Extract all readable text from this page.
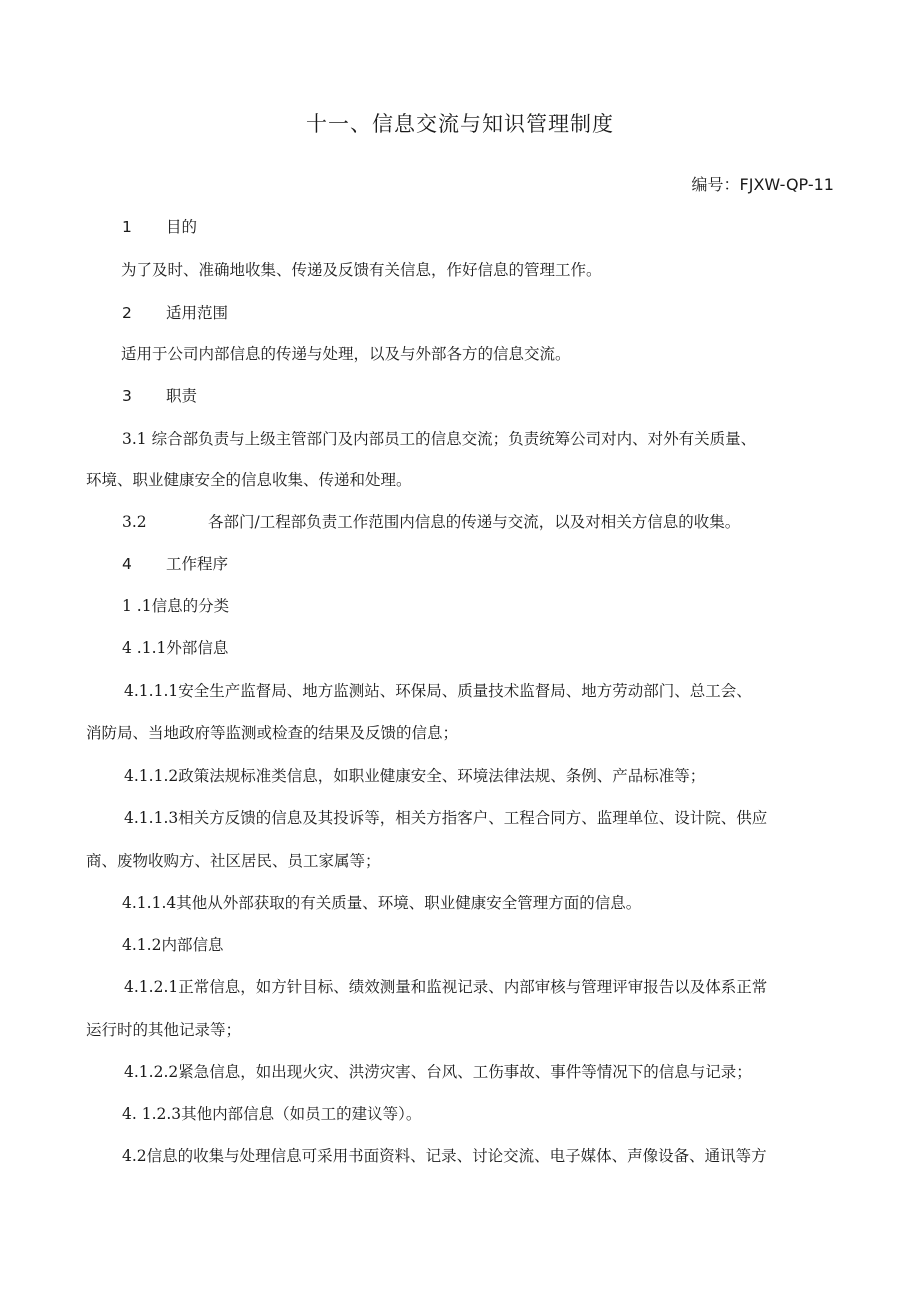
十一、信息交流与知识管理制度
编号：FJXW-QP-11
1 目的
为了及时、准确地收集、传递及反馈有关信息，作好信息的管理工作。
2 适用范围
适用于公司内部信息的传递与处理，以及与外部各方的信息交流。
3 职责
3.1 综合部负责与上级主管部门及内部员工的信息交流；负责统筹公司对内、对外有关质量、
环境、职业健康安全的信息收集、传递和处理。
3.2	各部门/工程部负责工作范围内信息的传递与交流，以及对相关方信息的收集。
4 工作程序
1 .1信息的分类
4 .1.1外部信息
4.1.1.1安全生产监督局、地方监测站、环保局、质量技术监督局、地方劳动部门、总工会、
消防局、当地政府等监测或检查的结果及反馈的信息；
4.1.1.2政策法规标准类信息，如职业健康安全、环境法律法规、条例、产品标准等；
4.1.1.3相关方反馈的信息及其投诉等，相关方指客户、工程合同方、监理单位、设计院、供应
商、废物收购方、社区居民、员工家属等；
4.1.1.4其他从外部获取的有关质量、环境、职业健康安全管理方面的信息。
4.1.2内部信息
4.1.2.1正常信息，如方针目标、绩效测量和监视记录、内部审核与管理评审报告以及体系正常
运行时的其他记录等；
4.1.2.2紧急信息，如出现火灾、洪涝灾害、台风、工伤事故、事件等情况下的信息与记录；
4. 1.2.3其他内部信息（如员工的建议等）。
4.2信息的收集与处理信息可采用书面资料、记录、讨论交流、电子媒体、声像设备、通讯等方
